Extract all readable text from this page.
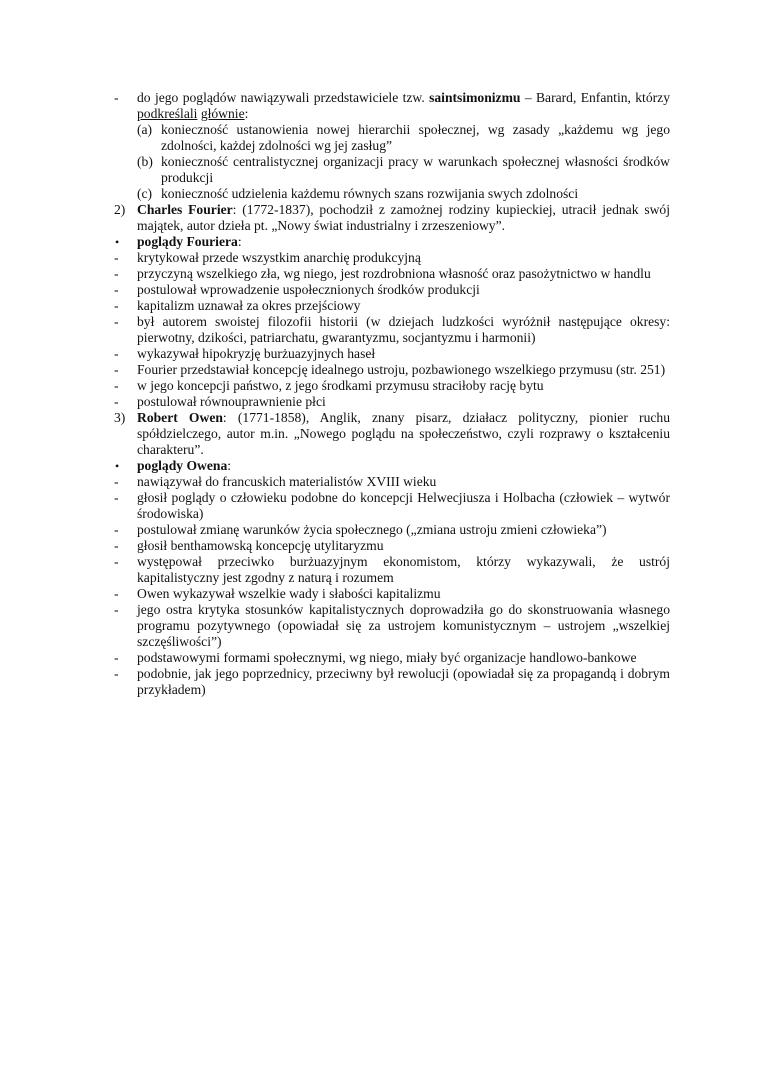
- do jego poglądów nawiązywali przedstawiciele tzw. saintsimonizmu – Barard, Enfantin, którzy podkreślali głównie:
(a) konieczność ustanowienia nowej hierarchii społecznej, wg zasady „każdemu wg jego zdolności, każdej zdolności wg jej zasług”
(b) konieczność centralistycznej organizacji pracy w warunkach społecznej własności środków produkcji
(c) konieczność udzielenia każdemu równych szans rozwijania swych zdolności
2) Charles Fourier: (1772-1837), pochodził z zamożnej rodziny kupieckiej, utracił jednak swój majątek, autor dzieła pt. „Nowy świat industrialny i zrzeszeniowy”.
• poglądy Fouriera:
- krytykował przede wszystkim anarchię produkcyjną
- przyczyną wszelkiego zła, wg niego, jest rozdrobniona własność oraz pasożytnictwo w handlu
- postulował wprowadzenie uspołecznionych środków produkcji
- kapitalizm uznawał za okres przejściowy
- był autorem swoistej filozofii historii (w dziejach ludzkości wyróżnił następujące okresy: pierwotny, dzikości, patriarchatu, gwarantyzmu, socjantyzmu i harmonii)
- wykazywał hipokryzję burżuazyjnych haseł
- Fourier przedstawiał koncepcję idealnego ustroju, pozbawionego wszelkiego przymusu (str. 251)
- w jego koncepcji państwo, z jego środkami przymusu straciłoby rację bytu
- postulował równouprawnienie płci
3) Robert Owen: (1771-1858), Anglik, znany pisarz, działacz polityczny, pionier ruchu spółdzielczego, autor m.in. „Nowego poglądu na społeczeństwo, czyli rozprawy o kształceniu charakteru”.
• poglądy Owena:
- nawiązywał do francuskich materialistów XVIII wieku
- głosił poglądy o człowieku podobne do koncepcji Helwecjiusza i Holbacha (człowiek – wytwór środowiska)
- postulował zmianę warunków życia społecznego („zmiana ustroju zmieni człowieka”)
- głosił benthamowską koncepcję utylitaryzmu
- występował przeciwko burżuazyjnym ekonomistom, którzy wykazywali, że ustrój kapitalistyczny jest zgodny z naturą i rozumem
- Owen wykazywał wszelkie wady i słabości kapitalizmu
- jego ostra krytyka stosunków kapitalistycznych doprowadziła go do skonstruowania własnego programu pozytywnego (opowiadał się za ustrojem komunistycznym – ustrojem „wszelkiej szczęśliwości”)
- podstawowymi formami społecznymi, wg niego, miały być organizacje handlowo-bankowe
- podobnie, jak jego poprzednicy, przeciwny był rewolucji (opowiadał się za propagandą i dobrym przykładem)
